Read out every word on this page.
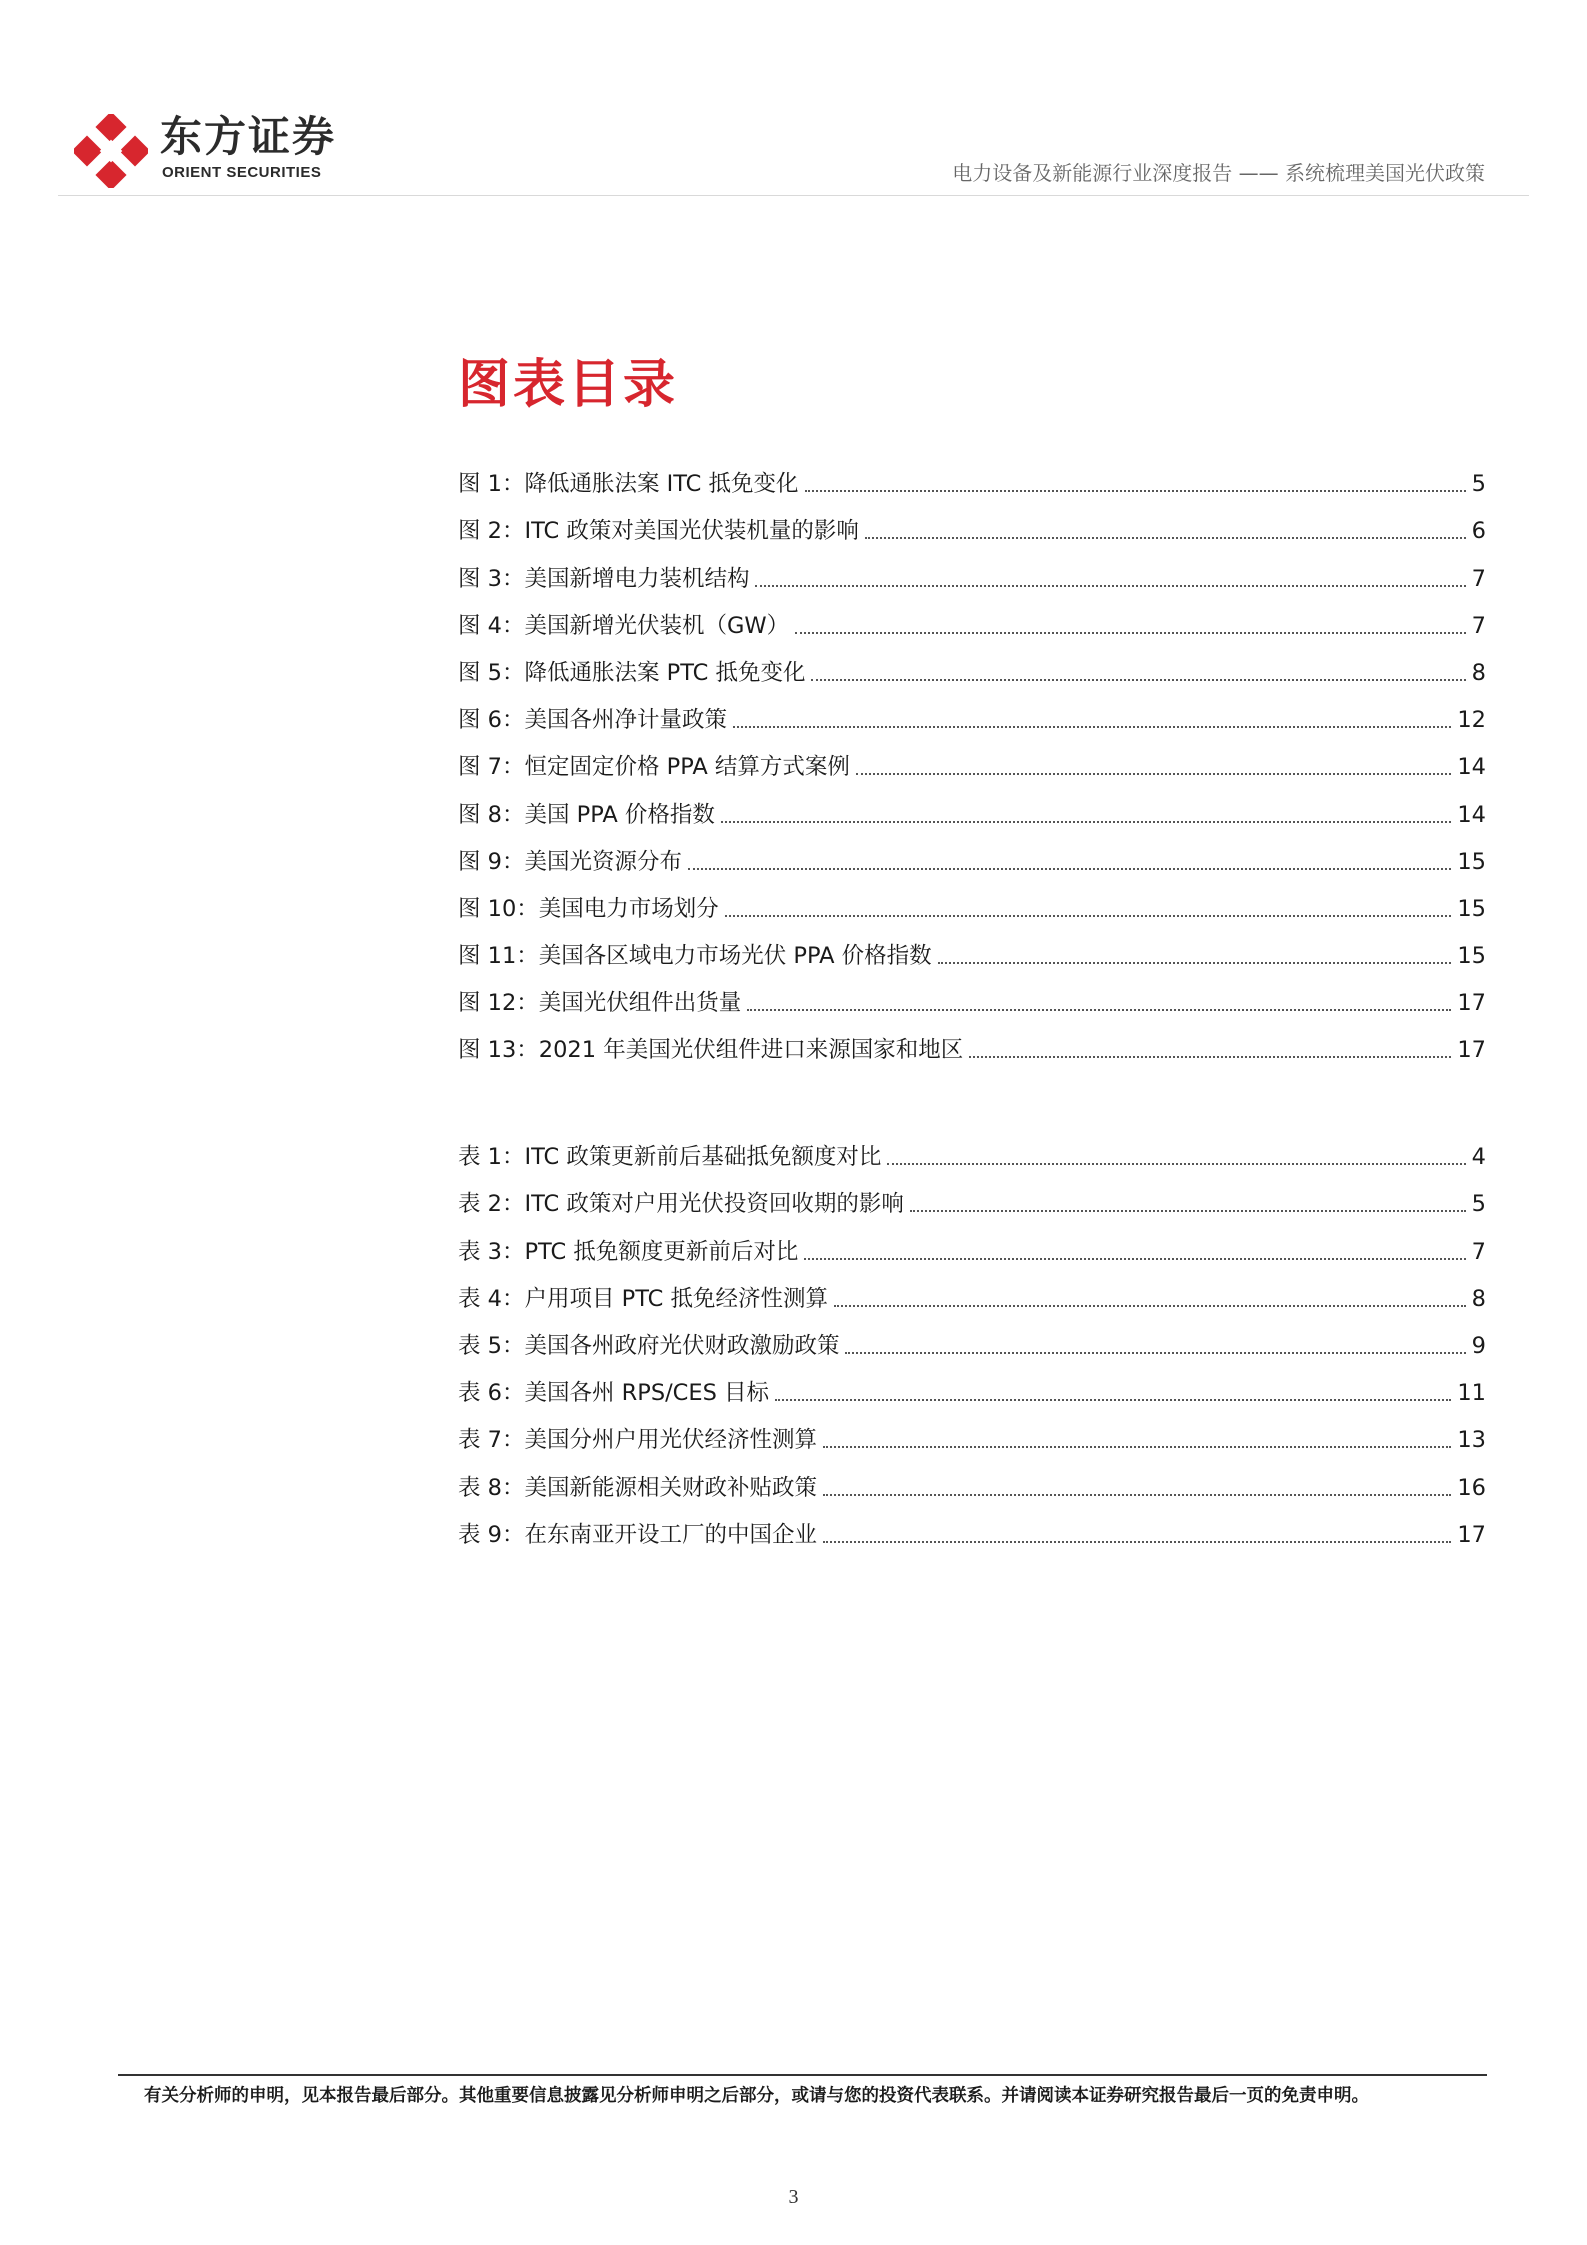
东方证券
ORIENT SECURITIES	电力设备及新能源行业深度报告 —— 系统梳理美国光伏政策
图表目录
图 1：降低通胀法案 ITC 抵免变化	5
图 2：ITC 政策对美国光伏装机量的影响	6
图 3：美国新增电力装机结构	7
图 4：美国新增光伏装机（GW）	7
图 5：降低通胀法案 PTC 抵免变化	8
图 6：美国各州净计量政策	12
图 7：恒定固定价格 PPA 结算方式案例	14
图 8：美国 PPA 价格指数	14
图 9：美国光资源分布	15
图 10：美国电力市场划分	15
图 11：美国各区域电力市场光伏 PPA 价格指数	15
图 12：美国光伏组件出货量	17
图 13：2021 年美国光伏组件进口来源国家和地区	17
表 1：ITC 政策更新前后基础抵免额度对比	4
表 2：ITC 政策对户用光伏投资回收期的影响	5
表 3：PTC 抵免额度更新前后对比	7
表 4：户用项目 PTC 抵免经济性测算	8
表 5：美国各州政府光伏财政激励政策	9
表 6：美国各州 RPS/CES 目标	11
表 7：美国分州户用光伏经济性测算	13
表 8：美国新能源相关财政补贴政策	16
表 9：在东南亚开设工厂的中国企业	17
有关分析师的申明，见本报告最后部分。其他重要信息披露见分析师申明之后部分，或请与您的投资代表联系。并请阅读本证券研究报告最后一页的免责申明。
3
